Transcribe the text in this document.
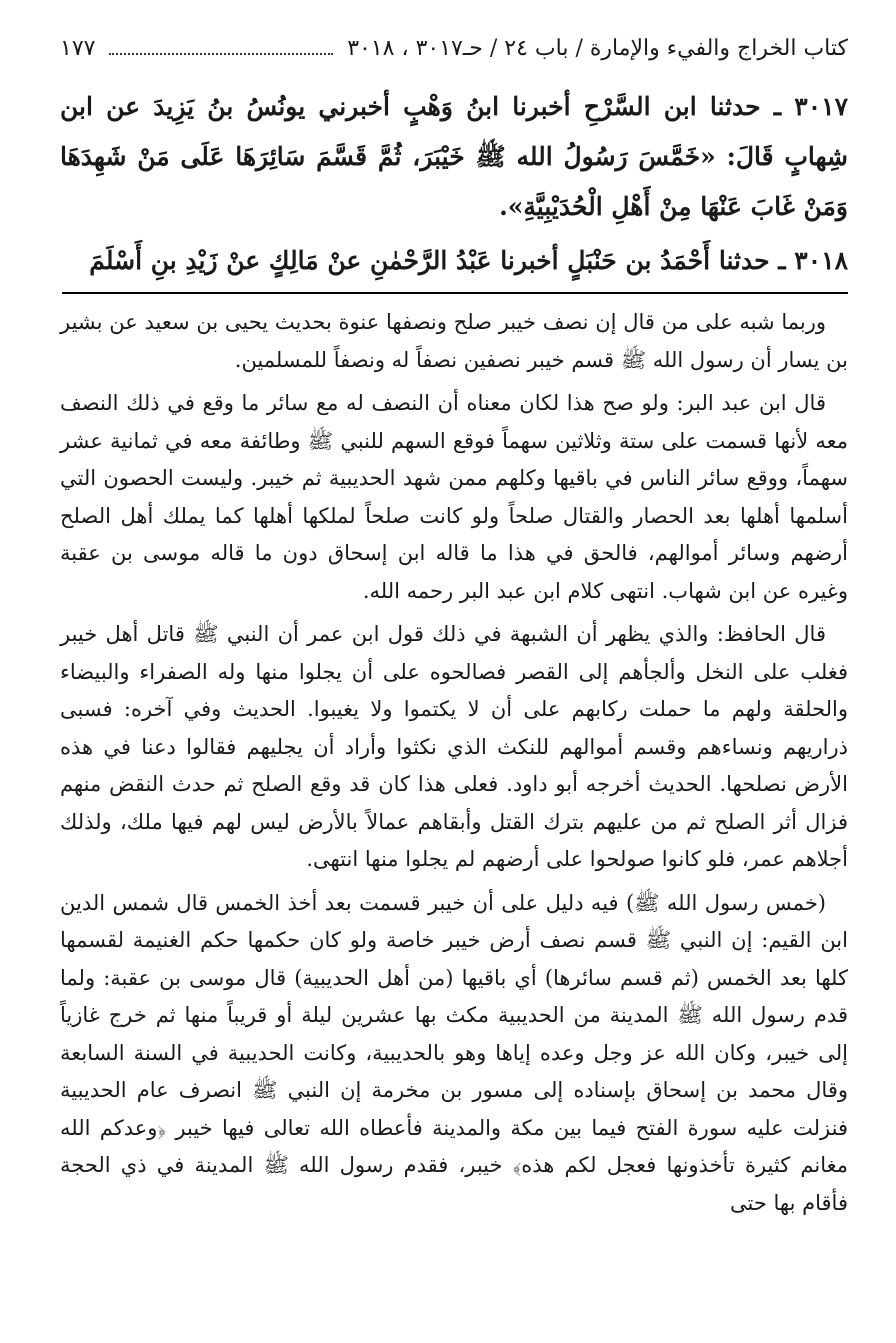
كتاب الخراج والفيء والإمارة / باب ٢٤ / حـ٣٠١٧ ، ٣٠١٨
١٧٧

٣٠١٧ ـ حدثنا ابن السَّرْحِ أخبرنا ابنُ وَهْبٍ أخبرني يونُسُ بنُ يَزِيدَ عن ابن شِهابٍ قَالَ: «خَمَّسَ رَسُولُ الله ﷺ خَيْبَرَ، ثُمَّ قَسَّمَ سَائِرَهَا عَلَى مَنْ شَهِدَهَا وَمَنْ غَابَ عَنْهَا مِنْ أَهْلِ الْحُدَيْبِيَّةِ».

٣٠١٨ ـ حدثنا أَحْمَدُ بن حَنْبَلٍ أخبرنا عَبْدُ الرَّحْمٰنِ عنْ مَالِكٍ عنْ زَيْدِ بنِ أَسْلَمَ

وربما شبه على من قال إن نصف خيبر صلح ونصفها عنوة بحديث يحيى بن سعيد عن بشير بن يسار أن رسول الله ﷺ قسم خيبر نصفين نصفاً له ونصفاً للمسلمين.

قال ابن عبد البر: ولو صح هذا لكان معناه أن النصف له مع سائر ما وقع في ذلك النصف معه لأنها قسمت على ستة وثلاثين سهماً فوقع السهم للنبي ﷺ وطائفة معه في ثمانية عشر سهماً، ووقع سائر الناس في باقيها وكلهم ممن شهد الحديبية ثم خيبر. وليست الحصون التي أسلمها أهلها بعد الحصار والقتال صلحاً ولو كانت صلحاً لملكها أهلها كما يملك أهل الصلح أرضهم وسائر أموالهم، فالحق في هذا ما قاله ابن إسحاق دون ما قاله موسى بن عقبة وغيره عن ابن شهاب. انتهى كلام ابن عبد البر رحمه الله.

قال الحافظ: والذي يظهر أن الشبهة في ذلك قول ابن عمر أن النبي ﷺ قاتل أهل خيبر فغلب على النخل وألجأهم إلى القصر فصالحوه على أن يجلوا منها وله الصفراء والبيضاء والحلقة ولهم ما حملت ركابهم على أن لا يكتموا ولا يغيبوا. الحديث وفي آخره: فسبى ذراريهم ونساءهم وقسم أموالهم للنكث الذي نكثوا وأراد أن يجليهم فقالوا دعنا في هذه الأرض نصلحها. الحديث أخرجه أبو داود. فعلى هذا كان قد وقع الصلح ثم حدث النقض منهم فزال أثر الصلح ثم من عليهم بترك القتل وأبقاهم عمالاً بالأرض ليس لهم فيها ملك، ولذلك أجلاهم عمر، فلو كانوا صولحوا على أرضهم لم يجلوا منها انتهى.

(خمس رسول الله ﷺ) فيه دليل على أن خيبر قسمت بعد أخذ الخمس قال شمس الدين ابن القيم: إن النبي ﷺ قسم نصف أرض خيبر خاصة ولو كان حكمها حكم الغنيمة لقسمها كلها بعد الخمس (ثم قسم سائرها) أي باقيها (من أهل الحديبية) قال موسى بن عقبة: ولما قدم رسول الله ﷺ المدينة من الحديبية مكث بها عشرين ليلة أو قريباً منها ثم خرج غازياً إلى خيبر، وكان الله عز وجل وعده إياها وهو بالحديبية، وكانت الحديبية في السنة السابعة وقال محمد بن إسحاق بإسناده إلى مسور بن مخرمة إن النبي ﷺ انصرف عام الحديبية فنزلت عليه سورة الفتح فيما بين مكة والمدينة فأعطاه الله تعالى فيها خيبر ﴿وعدكم الله مغانم كثيرة تأخذونها فعجل لكم هذه﴾ خيبر، فقدم رسول الله ﷺ المدينة في ذي الحجة فأقام بها حتى
